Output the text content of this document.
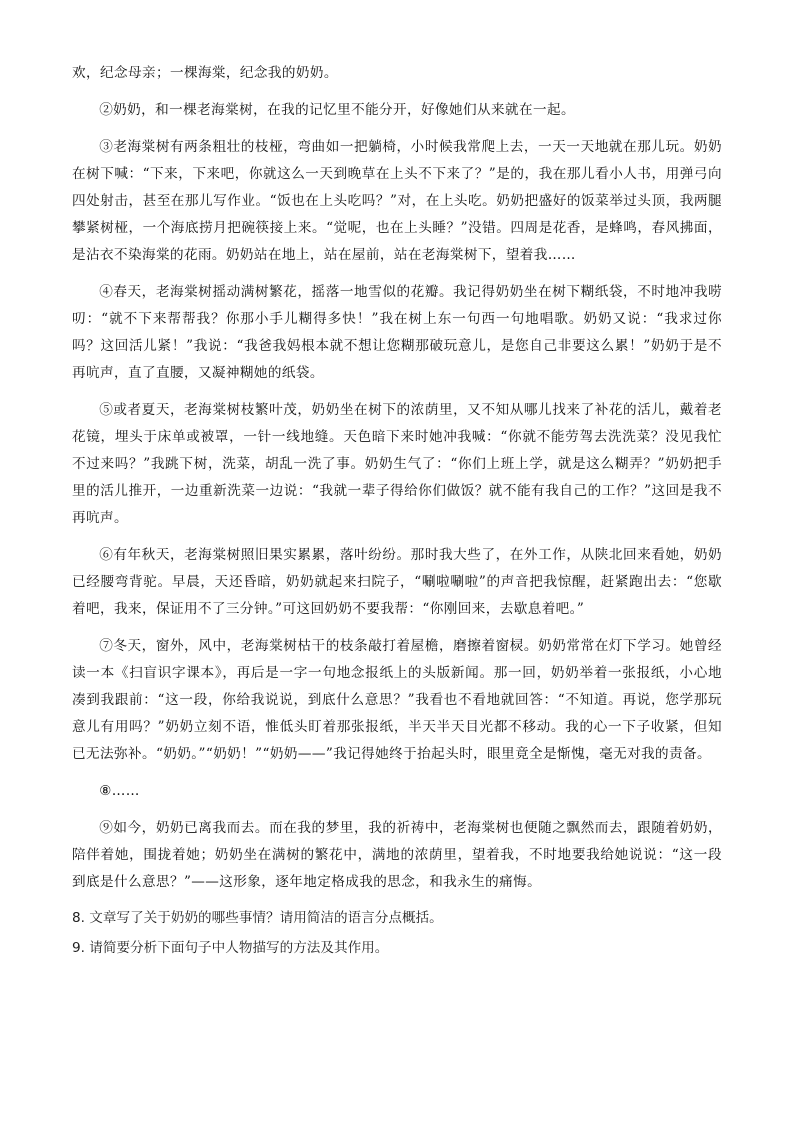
欢，纪念母亲；一棵海棠，纪念我的奶奶。

②奶奶，和一棵老海棠树，在我的记忆里不能分开，好像她们从来就在一起。

③老海棠树有两条粗壮的枝桠，弯曲如一把躺椅，小时候我常爬上去，一天一天地就在那儿玩。奶奶在树下喊：“下来，下来吧，你就这么一天到晚草在上头不下来了？”是的，我在那儿看小人书，用弹弓向四处射击，甚至在那儿写作业。“饭也在上头吃吗？”对，在上头吃。奶奶把盛好的饭菜举过头顶，我两腿攀紧树桠，一个海底捞月把碗筷接上来。“觉呢，也在上头睡？”没错。四周是花香，是蜂鸣，春风拂面，是沾衣不染海棠的花雨。奶奶站在地上，站在屋前，站在老海棠树下，望着我……

④春天，老海棠树摇动满树繁花，摇落一地雪似的花瓣。我记得奶奶坐在树下糊纸袋，不时地冲我唠叨：“就不下来帮帮我？你那小手儿糊得多快！”我在树上东一句西一句地唱歌。奶奶又说：“我求过你吗？这回活儿紧！”我说：“我爸我妈根本就不想让您糊那破玩意儿，是您自己非要这么累！”奶奶于是不再吭声，直了直腰，又凝神糊她的纸袋。

⑤或者夏天，老海棠树枝繁叶茂，奶奶坐在树下的浓荫里，又不知从哪儿找来了补花的活儿，戴着老花镜，埋头于床单或被罩，一针一线地缝。天色暗下来时她冲我喊：“你就不能劳驾去洗洗菜？没见我忙不过来吗？”我跳下树，洗菜，胡乱一洗了事。奶奶生气了：“你们上班上学，就是这么糊弄？”奶奶把手里的活儿推开，一边重新洗菜一边说：“我就一辈子得给你们做饭？就不能有我自己的工作？”这回是我不再吭声。

⑥有年秋天，老海棠树照旧果实累累，落叶纷纷。那时我大些了，在外工作，从陕北回来看她，奶奶已经腰弯背驼。早晨，天还昏暗，奶奶就起来扫院子，“唰啦唰啦”的声音把我惊醒，赶紧跑出去：“您歇着吧，我来，保证用不了三分钟。”可这回奶奶不要我帮：“你刚回来，去歇息着吧。”

⑦冬天，窗外，风中，老海棠树枯干的枝条敲打着屋檐，磨擦着窗棂。奶奶常常在灯下学习。她曾经读一本《扫盲识字课本》，再后是一字一句地念报纸上的头版新闻。那一回，奶奶举着一张报纸，小心地凑到我跟前：“这一段，你给我说说，到底什么意思？”我看也不看地就回答：“不知道。再说，您学那玩意儿有用吗？”奶奶立刻不语，惟低头盯着那张报纸，半天半天目光都不移动。我的心一下子收紧，但知已无法弥补。“奶奶。”“奶奶！”“奶奶——”我记得她终于抬起头时，眼里竟全是惭愧，毫无对我的责备。

⑧……

⑨如今，奶奶已离我而去。而在我的梦里，我的祈祷中，老海棠树也便随之飘然而去，跟随着奶奶，陪伴着她，围拢着她；奶奶坐在满树的繁花中，满地的浓荫里，望着我，不时地要我给她说说：“这一段到底是什么意思？”——这形象，逐年地定格成我的思念，和我永生的痛悔。

8. 文章写了关于奶奶的哪些事情？请用简洁的语言分点概括。

9. 请简要分析下面句子中人物描写的方法及其作用。
